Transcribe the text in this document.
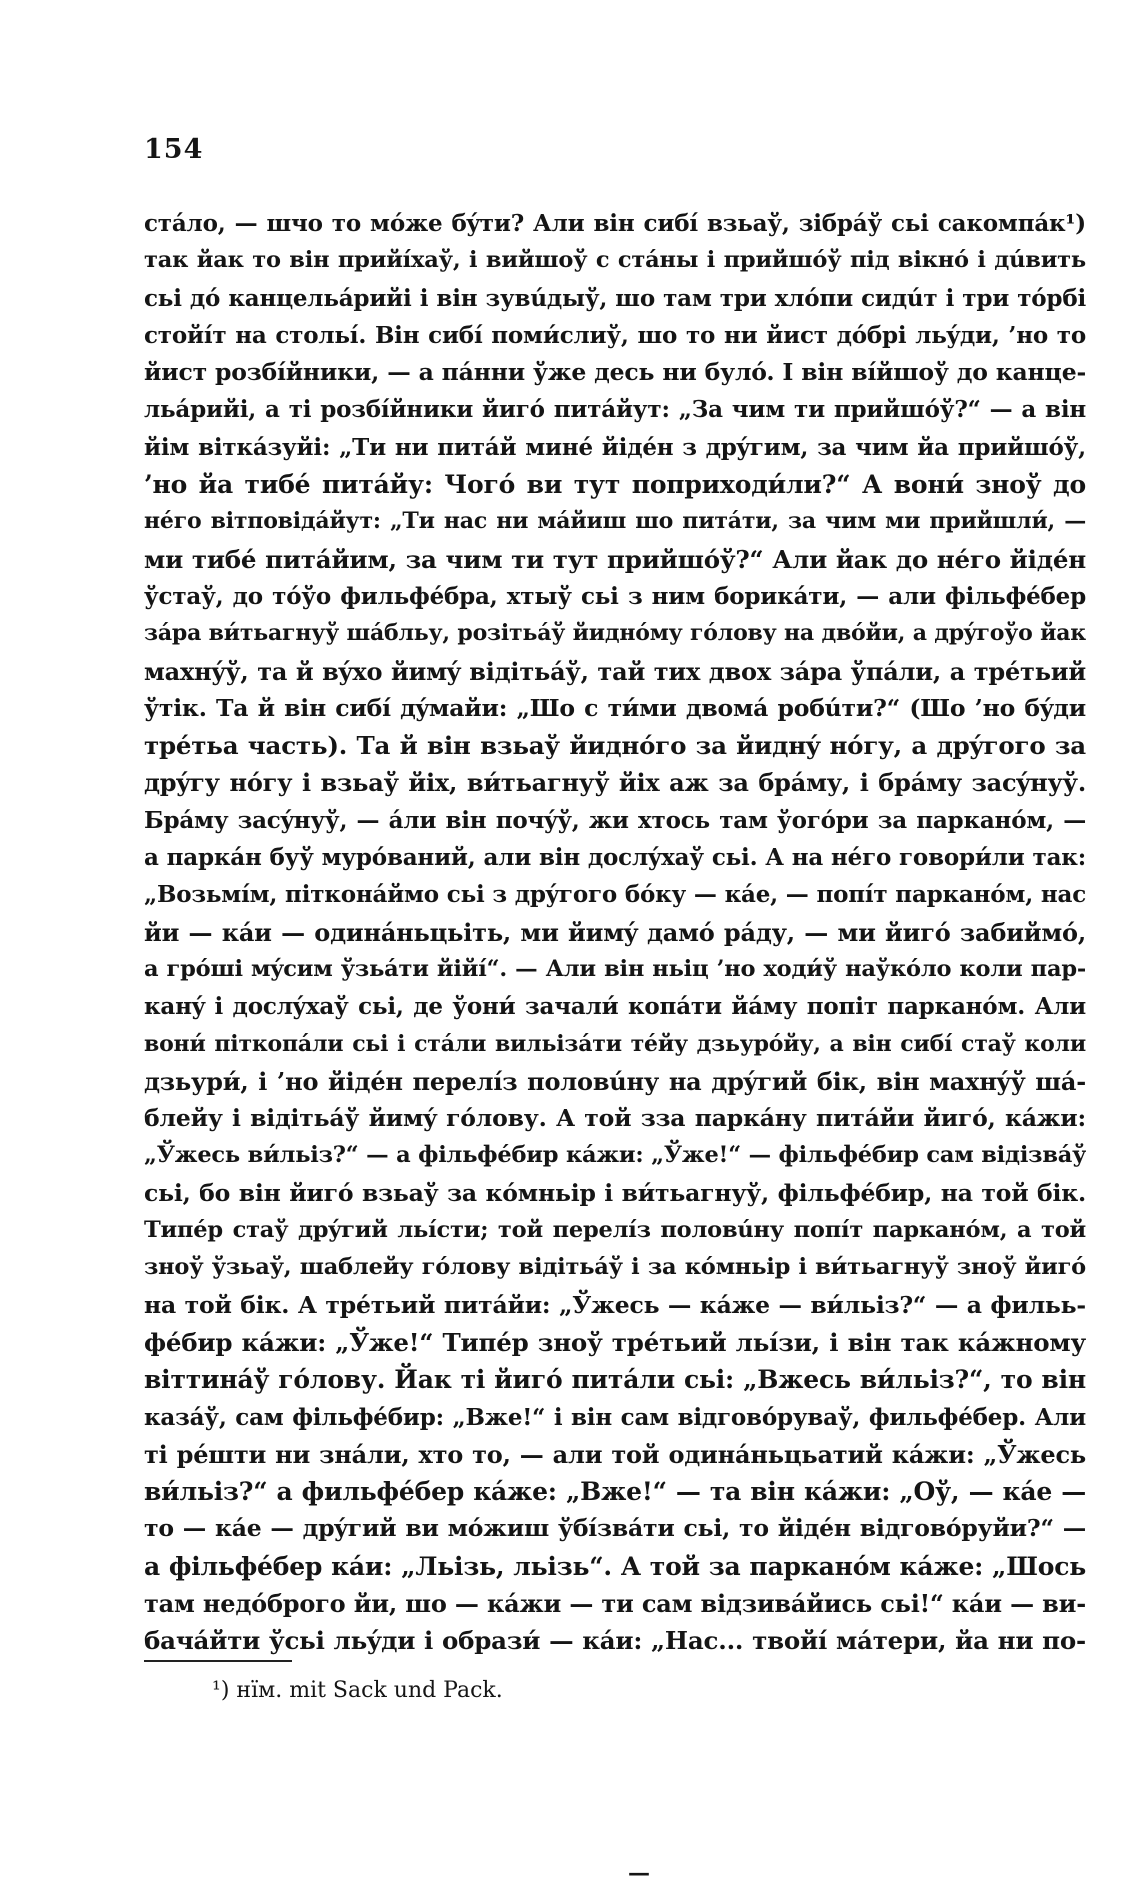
154
стáло, — шчо то мóже бýти? Али він сибí взьаў, зібрáў сьі сакомпáк¹)
так йак то він прийíхаў, і вийшоў с стáны і прийшóў під вікнó і дúвить
сьі дó канцельáрийі і він зувúдыў, шо там три хлóпи сидúт і три тóрбі
стойíт на стольí. Він сибí поми́слиў, шо то ни йист дóбрі льýди, ’но то
йист розбíйники, — а пáнни ўже десь ни булó. І він вíйшоў до канце-
льáрийі, а ті розбíйники йигó питáйут: „За чим ти прийшóў?“ — а він
йім вітка́зуйі: „Ти ни питáй минé йідéн з дрýгим, за чим йа прийшóў,
’но йа тибé питáйу: Чогó ви тут поприходи́ли?“ А вони́ зноў до
нéго вітповідáйут: „Ти нас ни мáйиш шо питáти, за чим ми прийшли́, —
ми тибé питáйим, за чим ти тут прийшóў?“ Али йак до нéго йідéн
ўстаў, до тóўо фильфéбра, хтыў сьі з ним борикáти, — али фільфéбер
зáра ви́тьагнуў шáбльу, розітьáў йиднóму гóлову на двóйи, а дрýгоўо йак
махнýў, та й вýхо йимý відітьáў, тай тих двох зáра ўпáли, а трéтьий
ўтік. Та й він сибí дýмайи: „Шо с ти́ми двомá робúти?“ (Шо ’но бýди
трéтьа часть). Та й він взьаў йидно́го за йиднý нóгу, а дрýгого за
дрýгу нóгу і взьаў йіх, ви́тьагнуў йіх аж за брáму, і брáму засýнуў.
Брáму засýнуў, — áли він почýў, жи хтось там ўогóри за парканóм, —
а паркáн буў муро́ваний, али він дослýхаў сьі. А на нéго говори́ли так:
„Возьмíм, пітконáймо сьі з дрýгого бóку — кáе, — попíт парканóм, нас
йи — кáи — одинáньцьіть, ми йимý дамó рáду, — ми йигó забиймó,
а грóші мýсим ўзьáти йійí“. — Али він ньіц ’но ходи́ў наўкóло коли пар-
канý і дослýхаў сьі, де ўони́ зачали́ копáти йáму попіт парканóм. Али
вони́ піткопáли сьі і стáли вильізáти тéйу дзьурóйу, а він сибí стаў коли
дзьури́, і ’но йідéн перелíз половúну на дрýгий бік, він махнýў шá-
блейу і відітьáў йимý гóлову. А той зза паркáну питáйи йигó, кáжи:
„Ўжесь ви́льіз?“ — а фільфéбир кáжи: „Ўже!“ — фільфéбир сам відізвáў
сьі, бо він йигó взьаў за кóмньір і ви́тьагнуў, фільфéбир, на той бік.
Типéр стаў дрýгий льíсти; той перелíз половúну попíт парканóм, а той
зноў ўзьаў, шаблейу гóлову відітьáў і за кóмньір і ви́тьагнуў зноў йигó
на той бік. А трéтьий питáйи: „Ўжесь — кáже — ви́льіз?“ — а фильь-
фéбир кáжи: „Ўже!“ Типéр зноў трéтьий льíзи, і він так кáжному
віттинáў гóлову. Йак ті йигó питáли сьі: „Вжесь ви́льіз?“, то він
казáў, сам фільфéбир: „Вже!“ і він сам відговóруваў, фильфéбер. Али
ті рéшти ни знáли, хто то, — али той одинáньцьатий кáжи: „Ўжесь
ви́льіз?“ а фильфéбер кáже: „Вже!“ — та він кáжи: „Оў, — кáе —
то — кáе — дрýгий ви мóжиш ўбíзвáти сьі, то йідéн відговóруйи?“ —
а фільфéбер кáи: „Льізь, льізь“. А той за парканóм кáже: „Шось
там недóброго йи, шо — кáжи — ти сам відзивáйись сьі!“ кáи — ви-
бачáйти ўсьі льýди і образи́ — кáи: „Нас... твойí мáтери, йа ни по-
¹) нїм. mit Sack und Pack.
—
